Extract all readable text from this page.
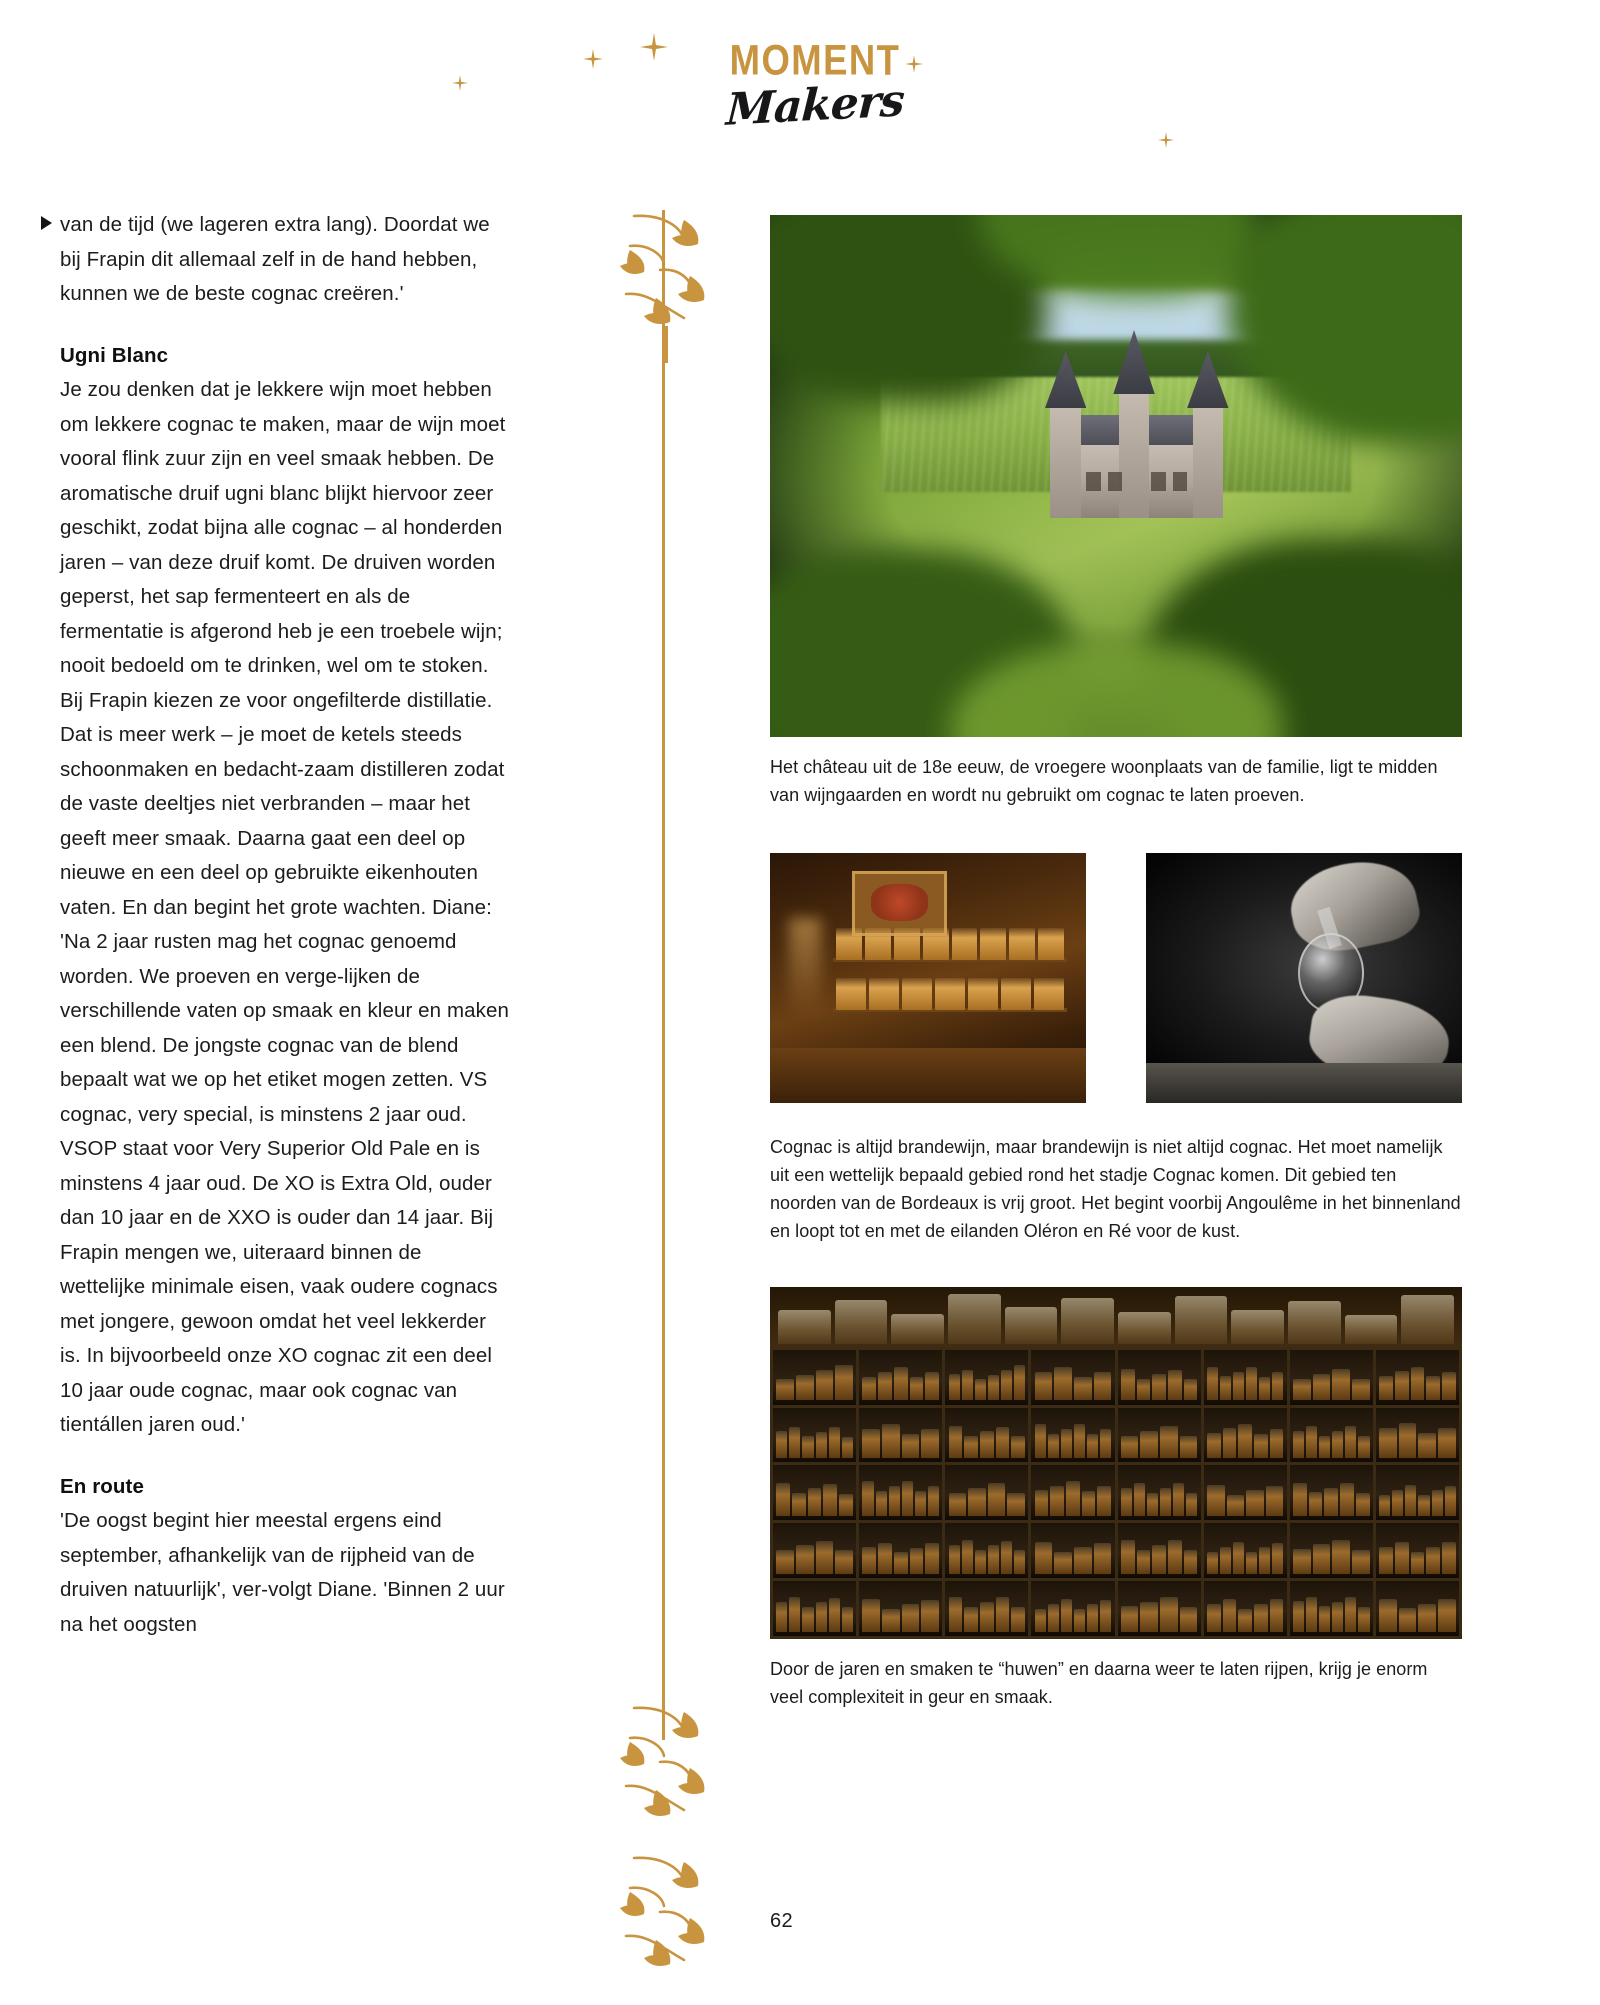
MOMENT
Makers

van de tijd (we lageren extra lang). Doordat we bij Frapin dit allemaal zelf in de hand hebben, kunnen we de beste cognac creëren.'

Ugni Blanc

Je zou denken dat je lekkere wijn moet hebben om lekkere cognac te maken, maar de wijn moet vooral flink zuur zijn en veel smaak hebben. De aromatische druif ugni blanc blijkt hiervoor zeer geschikt, zodat bijna alle cognac – al honderden jaren – van deze druif komt. De druiven worden geperst, het sap fermenteert en als de fermentatie is afgerond heb je een troebele wijn; nooit bedoeld om te drinken, wel om te stoken.

Bij Frapin kiezen ze voor ongefilterde distillatie. Dat is meer werk – je moet de ketels steeds schoonmaken en bedacht-zaam distilleren zodat de vaste deeltjes niet verbranden – maar het geeft meer smaak. Daarna gaat een deel op nieuwe en een deel op gebruikte eikenhouten vaten. En dan begint het grote wachten. Diane: 'Na 2 jaar rusten mag het cognac genoemd worden. We proeven en verge-lijken de verschillende vaten op smaak en kleur en maken een blend. De jongste cognac van de blend bepaalt wat we op het etiket mogen zetten. VS cognac, very special, is minstens 2 jaar oud. VSOP staat voor Very Superior Old Pale en is minstens 4 jaar oud. De XO is Extra Old, ouder dan 10 jaar en de XXO is ouder dan 14 jaar. Bij Frapin mengen we, uiteraard binnen de wettelijke minimale eisen, vaak oudere cognacs met jongere, gewoon omdat het veel lekkerder is. In bijvoorbeeld onze XO cognac zit een deel 10 jaar oude cognac, maar ook cognac van tientállen jaren oud.'

En route

'De oogst begint hier meestal ergens eind september, afhankelijk van de rijpheid van de druiven natuurlijk', ver-volgt Diane. 'Binnen 2 uur na het oogsten

Het château uit de 18e eeuw, de vroegere woonplaats van de familie, ligt te midden van wijngaarden en wordt nu gebruikt om cognac te laten proeven.
Cognac is altijd brandewijn, maar brandewijn is niet altijd cognac. Het moet namelijk uit een wettelijk bepaald gebied rond het stadje Cognac komen. Dit gebied ten noorden van de Bordeaux is vrij groot. Het begint voorbij Angoulême in het binnenland en loopt tot en met de eilanden Oléron en Ré voor de kust.
Door de jaren en smaken te “huwen” en daarna weer te laten rijpen, krijg je enorm veel complexiteit in geur en smaak.
62
